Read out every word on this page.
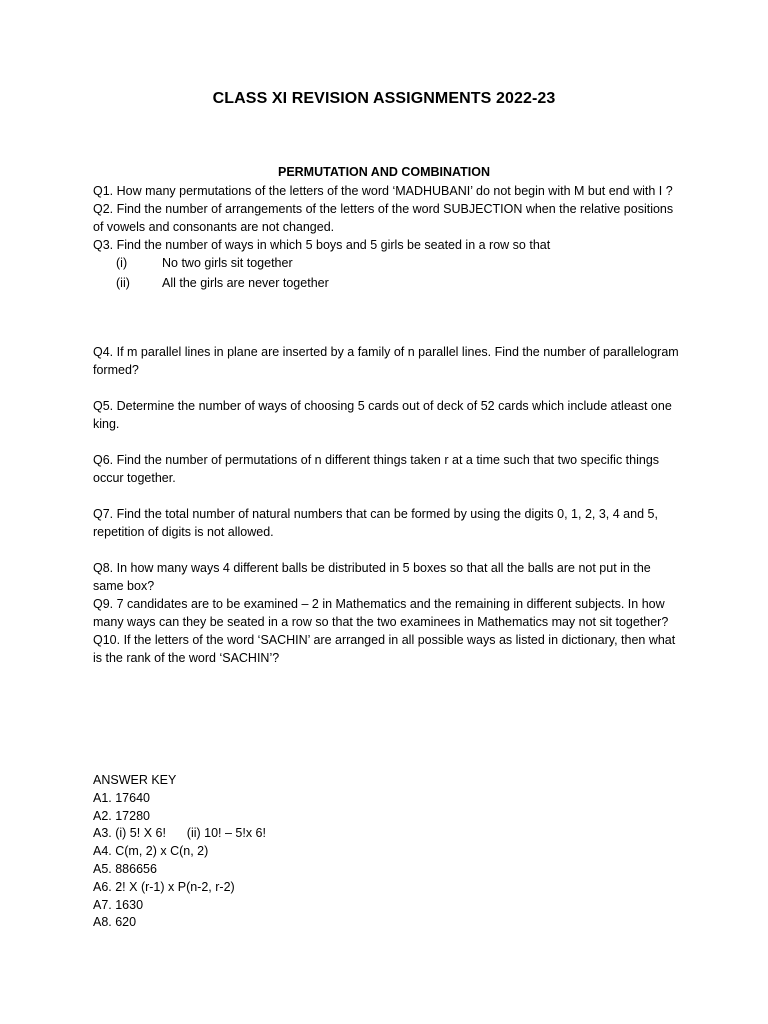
CLASS XI REVISION ASSIGNMENTS 2022-23
PERMUTATION AND COMBINATION

Q1. How many permutations of the letters of the word ‘MADHUBANI’ do not begin with M but end with I ?

Q2. Find the number of arrangements of the letters of the word SUBJECTION when the relative positions of vowels and consonants are not changed.

Q3. Find the number of ways in which 5 boys and 5 girls be seated in a row so that

(i)	No two girls sit together

(ii)	All the girls are never together

Q4. If m parallel lines in plane are inserted by a family of n parallel lines. Find the number of parallelogram formed?

Q5. Determine the number of ways of choosing 5 cards out of deck of 52 cards which include atleast one king.

Q6. Find the number of permutations of n different things taken r at a time such that two specific things occur together.

Q7. Find the total number of natural numbers that can be formed by using the digits 0, 1, 2, 3, 4 and 5, repetition of digits is not allowed.

Q8. In how many ways 4 different balls be distributed in 5 boxes so that all the balls are not put in the same box?

Q9. 7 candidates are to be examined – 2 in Mathematics and the remaining in different subjects. In how many ways can they be seated in a row so that the two examinees in Mathematics may not sit together?

Q10. If the letters of the word ‘SACHIN’ are arranged in all possible ways as listed in dictionary, then what is the rank of the word ‘SACHIN’?

ANSWER KEY
A1. 17640
A2. 17280
A3. (i) 5! X 6!      (ii) 10! – 5!x 6!
A4. C(m, 2) x C(n, 2)
A5. 886656
A6. 2! X (r-1) x P(n-2, r-2)
A7. 1630
A8. 620
